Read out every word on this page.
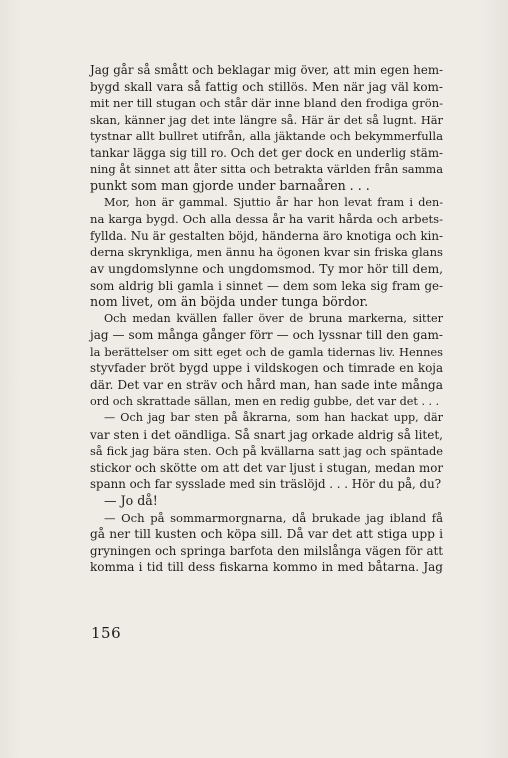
Jag går så smått och beklagar mig över, att min egen hem-
bygd skall vara så fattig och stillös. Men när jag väl kom-
mit ner till stugan och står där inne bland den frodiga grön-
skan, känner jag det inte längre så. Här är det så lugnt. Här
tystnar allt bullret utifrån, alla jäktande och bekymmerfulla
tankar lägga sig till ro. Och det ger dock en underlig stäm-
ning åt sinnet att åter sitta och betrakta världen från samma
punkt som man gjorde under barnaåren . . .
Mor, hon är gammal. Sjuttio år har hon levat fram i den-
na karga bygd. Och alla dessa år ha varit hårda och arbets-
fyllda. Nu är gestalten böjd, händerna äro knotiga och kin-
derna skrynkliga, men ännu ha ögonen kvar sin friska glans
av ungdomslynne och ungdomsmod. Ty mor hör till dem,
som aldrig bli gamla i sinnet — dem som leka sig fram ge-
nom livet, om än böjda under tunga bördor.
Och medan kvällen faller över de bruna markerna, sitter
jag — som många gånger förr — och lyssnar till den gam-
la berättelser om sitt eget och de gamla tidernas liv. Hennes
styvfader bröt bygd uppe i vildskogen och timrade en koja
där. Det var en sträv och hård man, han sade inte många
ord och skrattade sällan, men en redig gubbe, det var det . . .
— Och jag bar sten på åkrarna, som han hackat upp, där
var sten i det oändliga. Så snart jag orkade aldrig så litet,
så fick jag bära sten. Och på kvällarna satt jag och späntade
stickor och skötte om att det var ljust i stugan, medan mor
spann och far sysslade med sin träslöjd . . . Hör du på, du?
— Jo då!
— Och på sommarmorgnarna, då brukade jag ibland få
gå ner till kusten och köpa sill. Då var det att stiga upp i
gryningen och springa barfota den milslånga vägen för att
komma i tid till dess fiskarna kommo in med båtarna. Jag
156
